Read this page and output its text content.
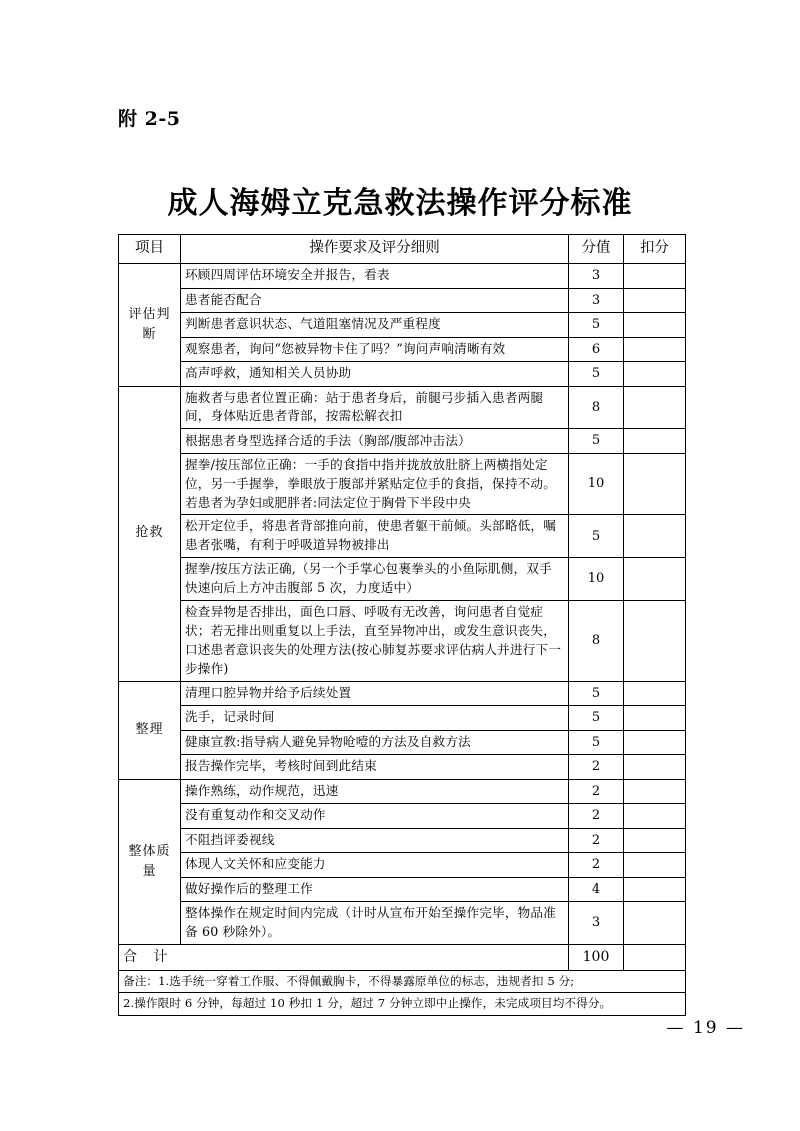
附 2-5
成人海姆立克急救法操作评分标准
项目	操作要求及评分细则	分值	扣分
评估判断	环顾四周评估环境安全并报告，看表	3	
	患者能否配合	3	
	判断患者意识状态、气道阻塞情况及严重程度	5	
	观察患者，询问“您被异物卡住了吗？”询问声响清晰有效	6	
	高声呼救，通知相关人员协助	5	
抢救	施救者与患者位置正确：站于患者身后，前腿弓步插入患者两腿间，身体贴近患者背部，按需松解衣扣	8	
	根据患者身型选择合适的手法（胸部/腹部冲击法）	5	
	握拳/按压部位正确：一手的食指中指并拢放放肚脐上两横指处定位，另一手握拳，拳眼放于腹部并紧贴定位手的食指，保持不动。若患者为孕妇或肥胖者:同法定位于胸骨下半段中央	10	
	松开定位手，将患者背部推向前，使患者躯干前倾。头部略低，嘱患者张嘴，有利于呼吸道异物被排出	5	
	握拳/按压方法正确,（另一个手掌心包裹拳头的小鱼际肌侧，双手快速向后上方冲击腹部 5 次，力度适中）	10	
	检查异物是否排出，面色口唇、呼吸有无改善，询问患者自觉症状；若无排出则重复以上手法，直至异物冲出，或发生意识丧失，口述患者意识丧失的处理方法(按心肺复苏要求评估病人并进行下一步操作)	8	
整理	清理口腔异物并给予后续处置	5	
	洗手，记录时间	5	
	健康宣教:指导病人避免异物呛噎的方法及自救方法	5	
	报告操作完毕，考核时间到此结束	2	
整体质量	操作熟练，动作规范，迅速	2	
	没有重复动作和交叉动作	2	
	不阻挡评委视线	2	
	体现人文关怀和应变能力	2	
	做好操作后的整理工作	4	
	整体操作在规定时间内完成（计时从宣布开始至操作完毕，物品准备 60 秒除外）。	3	
合 计		100	
备注：1.选手统一穿着工作服、不得佩戴胸卡，不得暴露原单位的标志，违规者扣 5 分;			
2.操作限时 6 分钟，每超过 10 秒扣 1 分，超过 7 分钟立即中止操作，未完成项目均不得分。			
— 19 —
